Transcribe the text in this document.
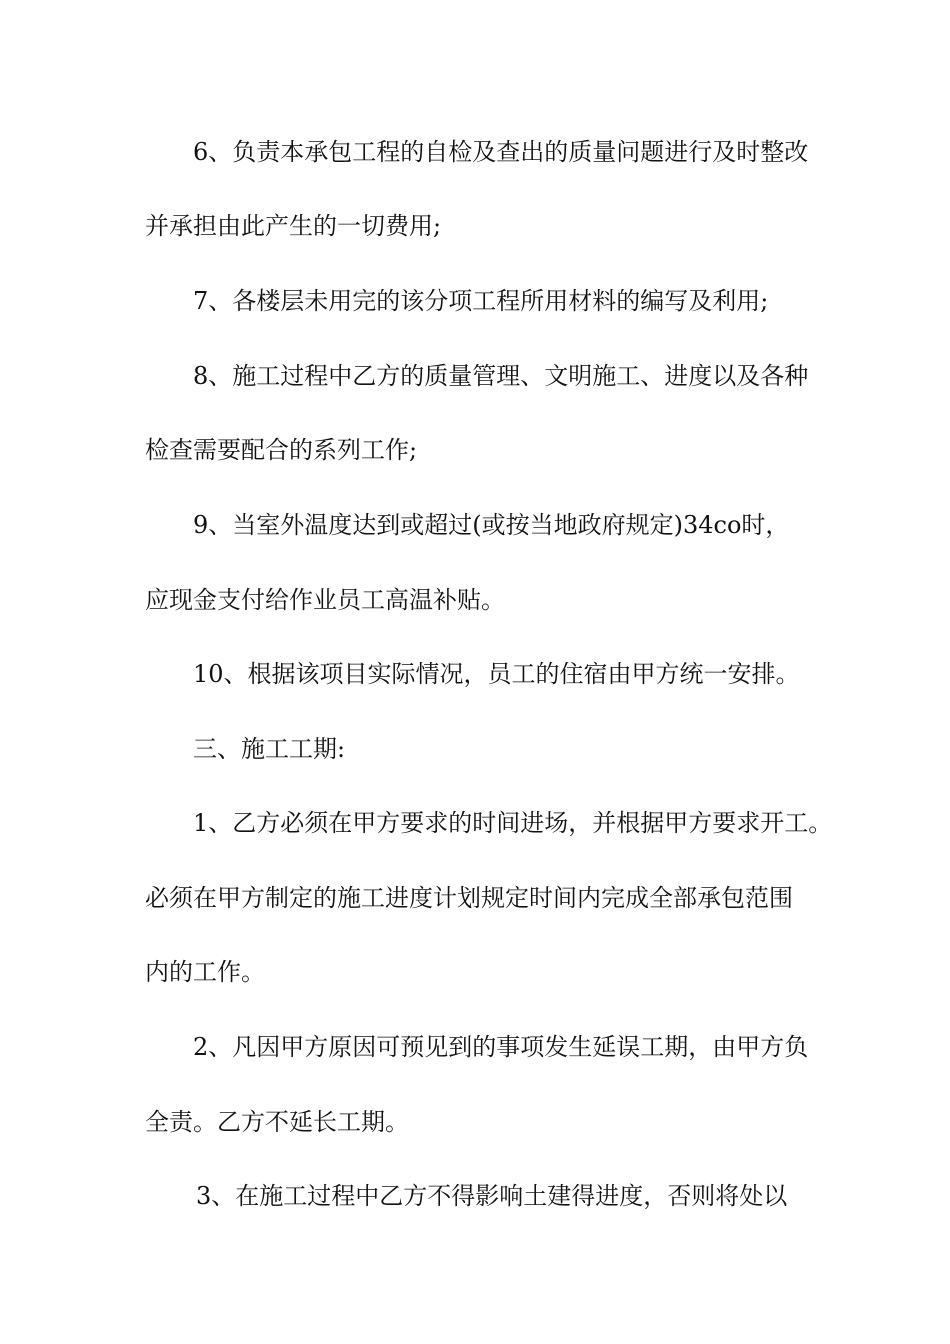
6、负责本承包工程的自检及查出的质量问题进行及时整改
并承担由此产生的一切费用;
7、各楼层未用完的该分项工程所用材料的编写及利用;
8、施工过程中乙方的质量管理、文明施工、进度以及各种
检查需要配合的系列工作;
9、当室外温度达到或超过(或按当地政府规定)34co时，
应现金支付给作业员工高温补贴。
10、根据该项目实际情况，员工的住宿由甲方统一安排。
三、施工工期:
1、乙方必须在甲方要求的时间进场，并根据甲方要求开工。
必须在甲方制定的施工进度计划规定时间内完成全部承包范围
内的工作。
2、凡因甲方原因可预见到的事项发生延误工期，由甲方负
全责。乙方不延长工期。
3、在施工过程中乙方不得影响土建得进度，否则将处以
